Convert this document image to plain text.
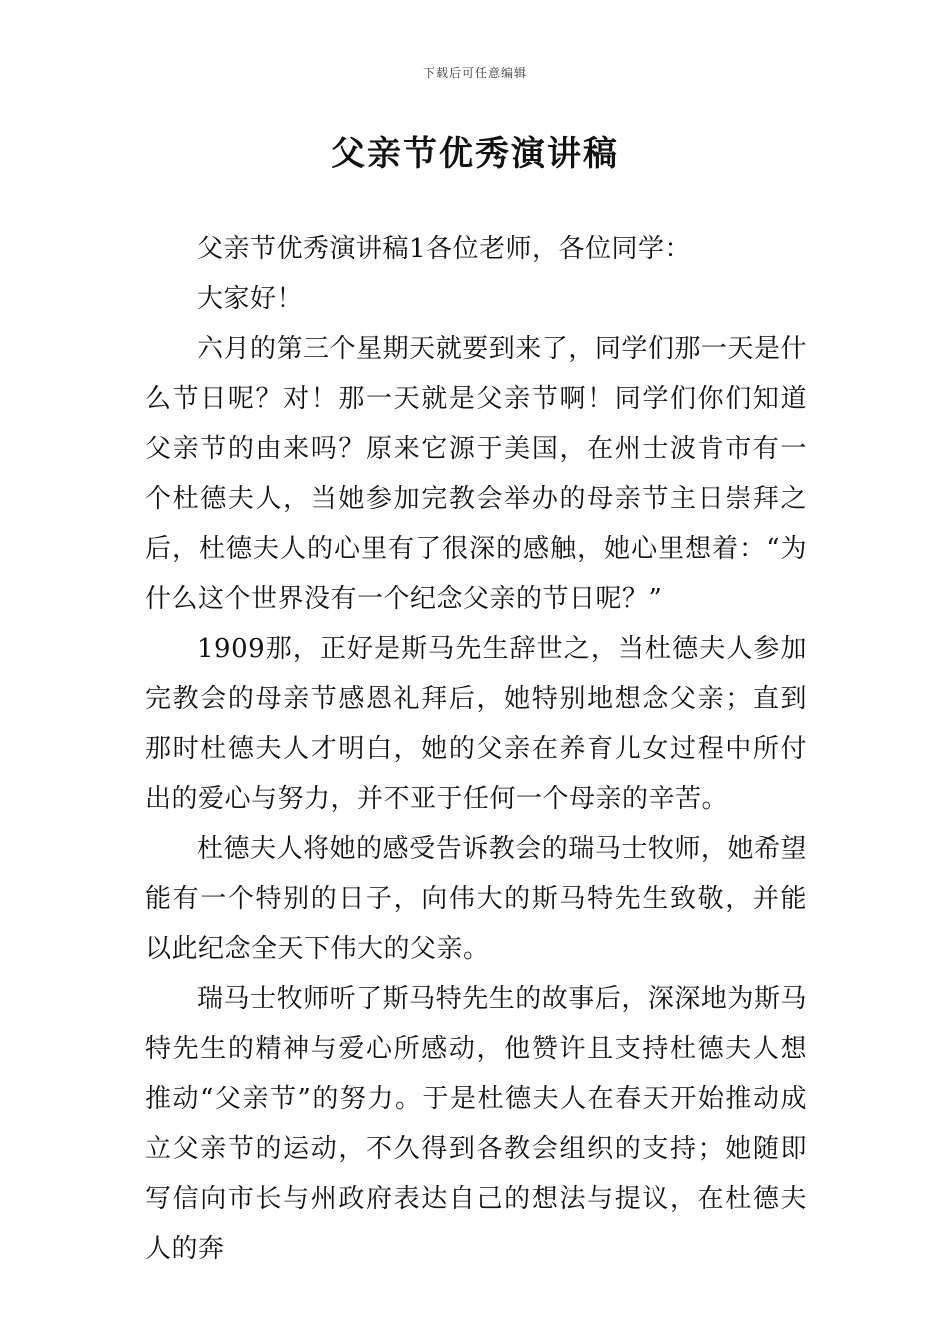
下载后可任意编辑
父亲节优秀演讲稿

父亲节优秀演讲稿1各位老师，各位同学：

大家好！

六月的第三个星期天就要到来了，同学们那一天是什么节日呢？对！那一天就是父亲节啊！同学们你们知道父亲节的由来吗？原来它源于美国，在州士波肯市有一个杜德夫人，当她参加完教会举办的母亲节主日崇拜之后，杜德夫人的心里有了很深的感触，她心里想着：“为什么这个世界没有一个纪念父亲的节日呢？”

1909那，正好是斯马先生辞世之，当杜德夫人参加完教会的母亲节感恩礼拜后，她特别地想念父亲；直到那时杜德夫人才明白，她的父亲在养育儿女过程中所付出的爱心与努力，并不亚于任何一个母亲的辛苦。

杜德夫人将她的感受告诉教会的瑞马士牧师，她希望能有一个特别的日子，向伟大的斯马特先生致敬，并能以此纪念全天下伟大的父亲。

瑞马士牧师听了斯马特先生的故事后，深深地为斯马特先生的精神与爱心所感动，他赞许且支持杜德夫人想推动“父亲节”的努力。于是杜德夫人在春天开始推动成立父亲节的运动，不久得到各教会组织的支持；她随即写信向市长与州政府表达自己的想法与提议，在杜德夫人的奔
